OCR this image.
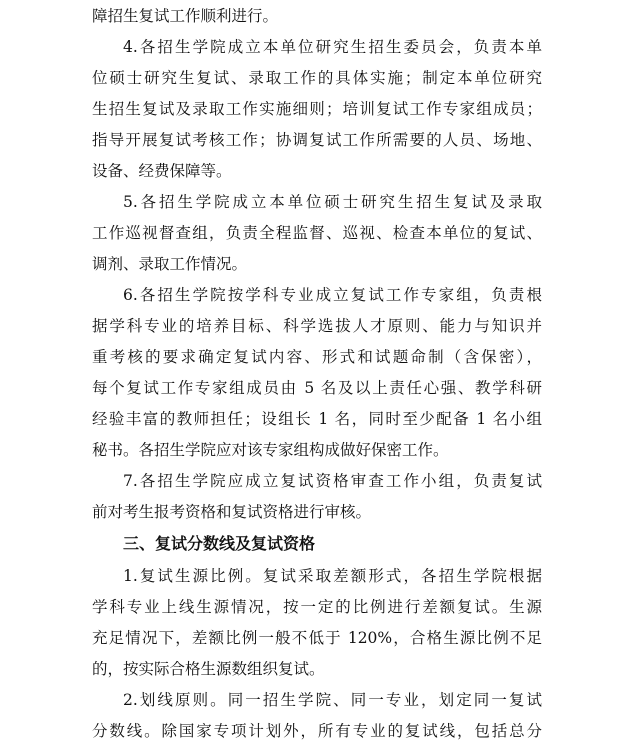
障招生复试工作顺利进行。
4.各招生学院成立本单位研究生招生委员会，负责本单
位硕士研究生复试、录取工作的具体实施；制定本单位研究
生招生复试及录取工作实施细则；培训复试工作专家组成员；
指导开展复试考核工作；协调复试工作所需要的人员、场地、
设备、经费保障等。
5.各招生学院成立本单位硕士研究生招生复试及录取
工作巡视督查组，负责全程监督、巡视、检查本单位的复试、
调剂、录取工作情况。
6.各招生学院按学科专业成立复试工作专家组，负责根
据学科专业的培养目标、科学选拔人才原则、能力与知识并
重考核的要求确定复试内容、形式和试题命制（含保密），
每个复试工作专家组成员由 5 名及以上责任心强、教学科研
经验丰富的教师担任；设组长 1 名，同时至少配备 1 名小组
秘书。各招生学院应对该专家组构成做好保密工作。
7.各招生学院应成立复试资格审查工作小组，负责复试
前对考生报考资格和复试资格进行审核。
三、复试分数线及复试资格
1.复试生源比例。复试采取差额形式，各招生学院根据
学科专业上线生源情况，按一定的比例进行差额复试。生源
充足情况下，差额比例一般不低于 120%，合格生源比例不足
的，按实际合格生源数组织复试。
2.划线原则。同一招生学院、同一专业，划定同一复试
分数线。除国家专项计划外，所有专业的复试线，包括总分
